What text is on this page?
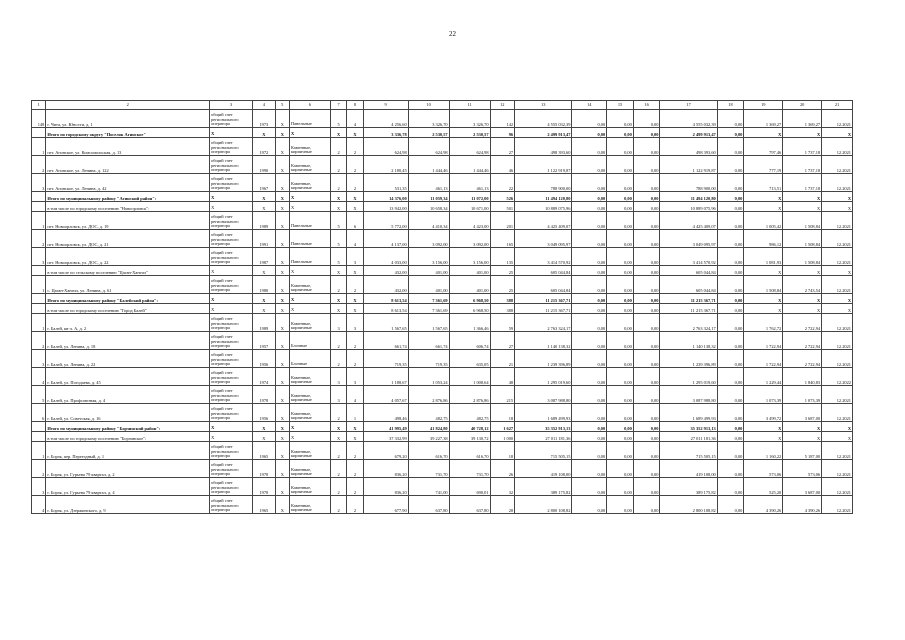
22
1	2	3	4	5	6	7	8	9	10	11	12	13	14	15	16	17	18	19	20	21
148	г. Чита, ул. Юности, д. 1	общий счет регионального оператора	1973	X	Панельные	5	4	4 256,60	3 326,70	3 326,70	142	4 555 032,39	0,00	0,00	0,00	4 555 032,39	0,00	1 369,27	1 369,27	12.2021
	Итого по городскому округу "Поселок Агинское"	X	X	X	X	X	X	3 336,78	2 530,57	2 530,57	96	2 499 913,47	0,00	0,00	0,00	2 499 913,47	0,00	X	X	X
1	пгт. Агинское, ул. Комсомольская, д. 13	общий счет регионального оператора	1972	X	Каменные, кирпичные	2	2	624,98	624,98	624,98	27	498 393,60	0,00	0,00	0,00	498 393,60	0,00	797,46	1 737,18	12.2021
2	пгт. Агинское, ул. Ленина, д. 122	общий счет регионального оператора	1990	X	Каменные, кирпичные	2	2	2 180,45	1 444,46	1 444,46	46	1 122 919,87	0,00	0,00	0,00	1 122 919,87	0,00	777,19	1 737,18	12.2021
3	пгт. Агинское, ул. Ленина, д. 42	общий счет регионального оператора	1967	X	Каменные, кирпичные	2	2	531,35	461,13	461,13	22	788 900,00	0,00	0,00	0,00	788 900,00	0,00	713,51	1 737,18	12.2021
	Итого по муниципальному району "Агинский район":	X	X	X	X	X	X	14 376,00	11 059,34	11 072,00	526	11 494 120,80	0,00	0,00	0,00	11 494 120,80	0,00	X	X	X
	в том числе по городскому поселению "Новоорловск":	X	X	X	X	X	X	13 942,00	10 658,34	10 671,00	501	10 889 075,96	0,00	0,00	0,00	10 889 075,96	0,00	X	X	X
1	пгт. Новоорловск, ул. ДОС, д. 19	общий счет регионального оператора	1989	X	Панельные	5	6	5 772,00	4 410,34	4 423,00	201	4 425 409,07	0,00	0,00	0,00	4 425 409,07	0,00	1 005,42	1 508,84	12.2021
2	пгт. Новоорловск, ул. ДОС, д. 21	общий счет регионального оператора	1991	X	Панельные	5	4	4 137,00	3 092,00	3 092,00	165	3 049 095,97	0,00	0,00	0,00	3 049 095,97	0,00	986,12	1 508,84	12.2021
3	пгт. Новоорловск, ул. ДОС, д. 22	общий счет регионального оператора	1987	X	Панельные	5	3	4 033,00	3 156,00	3 156,00	135	3 414 570,92	0,00	0,00	0,00	3 414 570,92	0,00	1 081,93	1 508,84	12.2021
	в том числе по сельскому поселению "Цаган-Хангил"	X	X	X	X	X	X	432,00	401,00	401,00	25	605 044,84	0,00	0,00	0,00	605 044,84	0,00	X	X	X
1	с. Цаган-Хангил, ул. Ленина, д. 61	общий счет регионального оператора	1980	X	Каменные, кирпичные	2	2	432,00	401,00	401,00	25	605 044,84	0,00	0,00	0,00	605 044,84	0,00	1 508,84	2 743,54	12.2021
	Итого по муниципальному району "Балейский район":	X	X	X	X	X	X	8 613,54	7 361,69	6 968,50	388	11 215 367,71	0,00	0,00	0,00	11 215 367,71	0,00	X	X	X
	в том числе по городскому поселению "Город Балей"	X	X	X	X	X	X	8 613,54	7 361,69	6 968,50	388	11 215 367,71	0,00	0,00	0,00	11 215 367,71	0,00	X	X	X
1	г. Балей, кв-л. А, д. 2	общий счет регионального оператора	1989	X	Каменные, кирпичные	3	3	1 567,65	1 567,65	1 366,46	59	2 763 324,17	0,00	0,00	0,00	2 763 324,17	0,00	1 762,72	2 722,94	12.2021
2	г. Балей, ул. Ленина, д. 18	общий счет регионального оператора	1957	X	Блочные	2	2	661,74	661,74	606,74	27	1 140 138,32	0,00	0,00	0,00	1 140 138,32	0,00	1 722,94	2 722,94	12.2021
3	г. Балей, ул. Ленина, д. 22	общий счет регионального оператора	1956	X	Блочные	2	2	719,35	719,35	635,05	21	1 239 396,89	0,00	0,00	0,00	1 239 396,89	0,00	1 722,94	2 722,94	12.2021
4	г. Балей, ул. Погодаева, д. 45	общий счет регионального оператора	1974	X	Каменные, кирпичные	3	3	1 188,67	1 053,24	1 008,64	48	1 295 019,60	0,00	0,00	0,00	1 295 019,60	0,00	1 229,44	1 840,83	12.2022
5	г. Балей, ул. Профсоюзная, д. 4	общий счет регионального оператора	1978	X	Каменные, кирпичные	3	4	4 057,67	2 876,86	2 876,86	215	3 087 988,80	0,00	0,00	0,00	3 087 988,80	0,00	1 073,39	1 073,39	12.2021
6	г. Балей, ул. Советская, д. 16	общий счет регионального оператора	1956	X	Каменные, кирпичные	2	1	498,46	482,75	482,75	18	1 689 499,93	0,00	0,00	0,00	1 689 499,93	0,00	3 499,72	3 687,00	12.2021
	Итого по муниципальному району "Борзинский район":	X	X	X	X	X	X	41 995,49	41 824,80	40 728,12	1 627	35 352 913,13	0,00	0,00	0,00	35 352 913,13	0,00	X	X	X
	в том числе по городскому поселению "Борзинское":	X	X	X	X	X	X	37 332,99	39 227,38	39 130,72	1 000	27 011 181,36	0,00	0,00	0,00	27 011 181,36	0,00	X	X	X
1	г. Борзя, пер. Переездный, д. 1	общий счет регионального оператора	1965	X	Каменные, кирпичные	2	2	679,20	616,70	616,70	18	715 505,15	0,00	0,00	0,00	715 505,15	0,00	1 160,22	5 187,00	12.2021
2	г. Борзя, ул. Гурьева 79 квартал, д. 2	общий счет регионального оператора	1970	X	Каменные, кирпичные	2	2	836,20	731,70	731,70	26	419 108,00	0,00	0,00	0,00	419 108,00	0,00	573,06	573,06	12.2021
3	г. Борзя, ул. Гурьева 79 квартал, д. 4	общий счет регионального оператора	1970	X	Каменные, кирпичные	2	2	836,20	741,00	690,01	32	389 175,82	0,00	0,00	0,00	389 175,82	0,00	525,20	3 687,00	12.2021
4	г. Борзя, ул. Дзержинского, д. 9	общий счет регионального оператора	1965	X	Каменные, кирпичные	2	2	677,90	637,80	637,80	28	2 800 108,82	0,00	0,00	0,00	2 800 108,82	0,00	4 390,26	4 390,26	12.2021
